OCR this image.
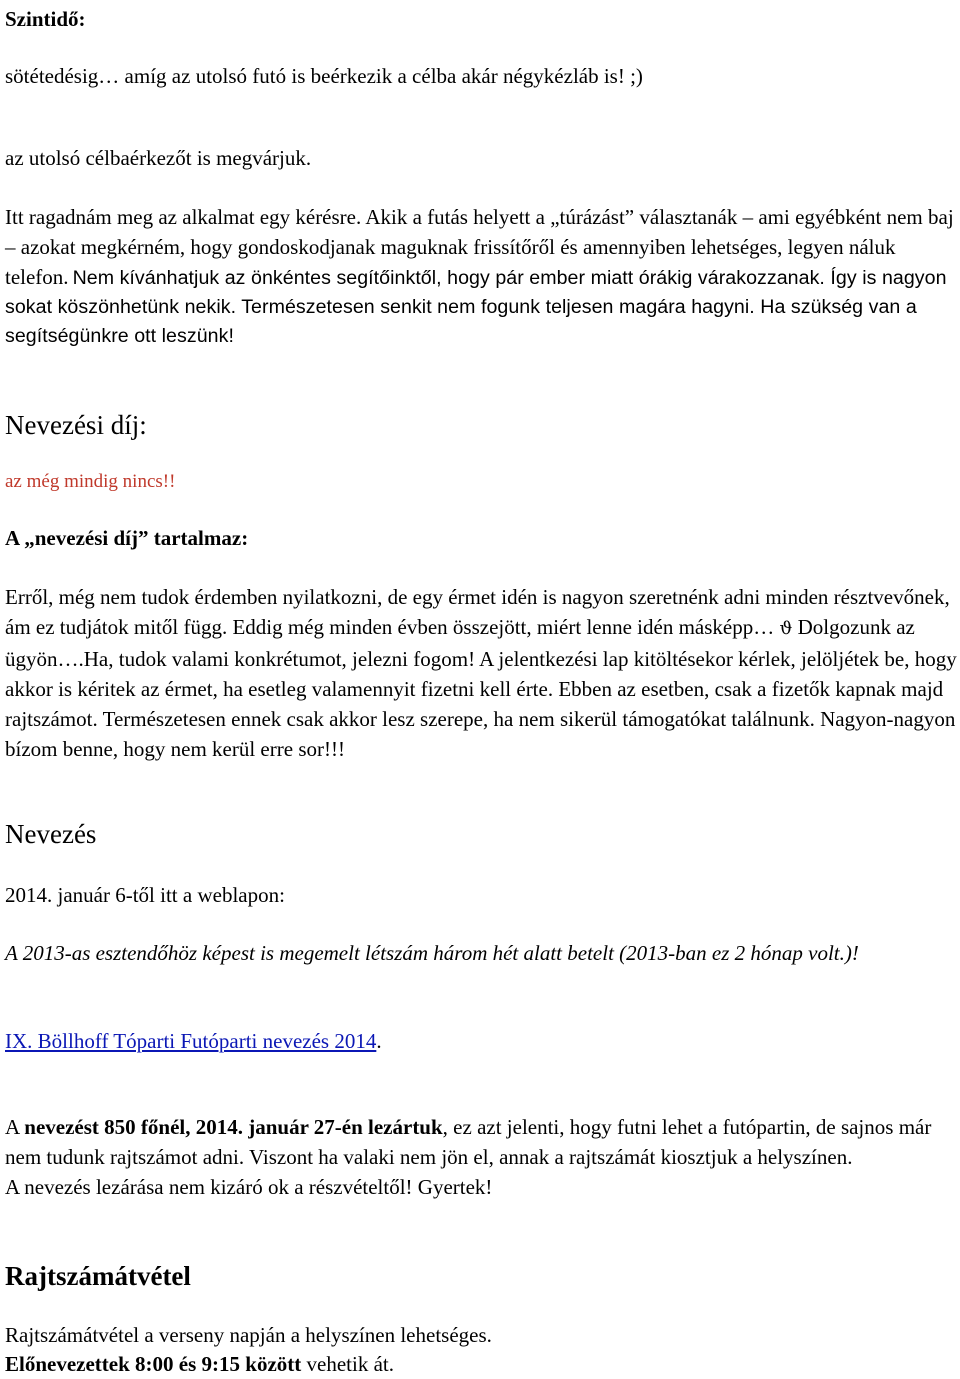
Szintidő:

sötétedésig… amíg az utolsó futó is beérkezik a célba akár négykézláb is! ;)

az utolsó célbaérkezőt is megvárjuk.

Itt ragadnám meg az alkalmat egy kérésre. Akik a futás helyett a „túrázást” választanák – ami egyébként nem baj – azokat megkérném, hogy gondoskodjanak maguknak frissítőről és amennyiben lehetséges, legyen náluk telefon. Nem kívánhatjuk az önkéntes segítőinktől, hogy pár ember miatt órákig várakozzanak. Így is nagyon sokat köszönhetünk nekik. Természetesen senkit nem fogunk teljesen magára hagyni. Ha szükség van a segítségünkre ott leszünk!

Nevezési díj:

az még mindig nincs!!

A „nevezési díj” tartalmaz:

Erről, még nem tudok érdemben nyilatkozni, de egy érmet idén is nagyon szeretnénk adni minden résztvevőnek, ám ez tudjátok mitől függ. Eddig még minden évben összejött, miért lenne idén másképp… ϑ Dolgozunk az ügyön….Ha, tudok valami konkrétumot, jelezni fogom! A jelentkezési lap kitöltésekor kérlek, jelöljétek be, hogy akkor is kéritek az érmet, ha esetleg valamennyit fizetni kell érte. Ebben az esetben, csak a fizetők kapnak majd rajtszámot. Természetesen ennek csak akkor lesz szerepe, ha nem sikerül támogatókat találnunk. Nagyon-nagyon bízom benne, hogy nem kerül erre sor!!!

Nevezés

2014. január 6-től itt a weblapon:

A 2013-as esztendőhöz képest is megemelt létszám három hét alatt betelt (2013-ban ez 2 hónap volt.)!

IX. Böllhoff Tóparti Futóparti nevezés 2014.

A nevezést 850 főnél, 2014. január 27-én lezártuk, ez azt jelenti, hogy futni lehet a futópartin, de sajnos már nem tudunk rajtszámot adni. Viszont ha valaki nem jön el, annak a rajtszámát kiosztjuk a helyszínen.
A nevezés lezárása nem kizáró ok a részvételtől! Gyertek!

Rajtszámátvétel

Rajtszámátvétel a verseny napján a helyszínen lehetséges.

Előnevezettek 8:00 és 9:15 között vehetik át.
